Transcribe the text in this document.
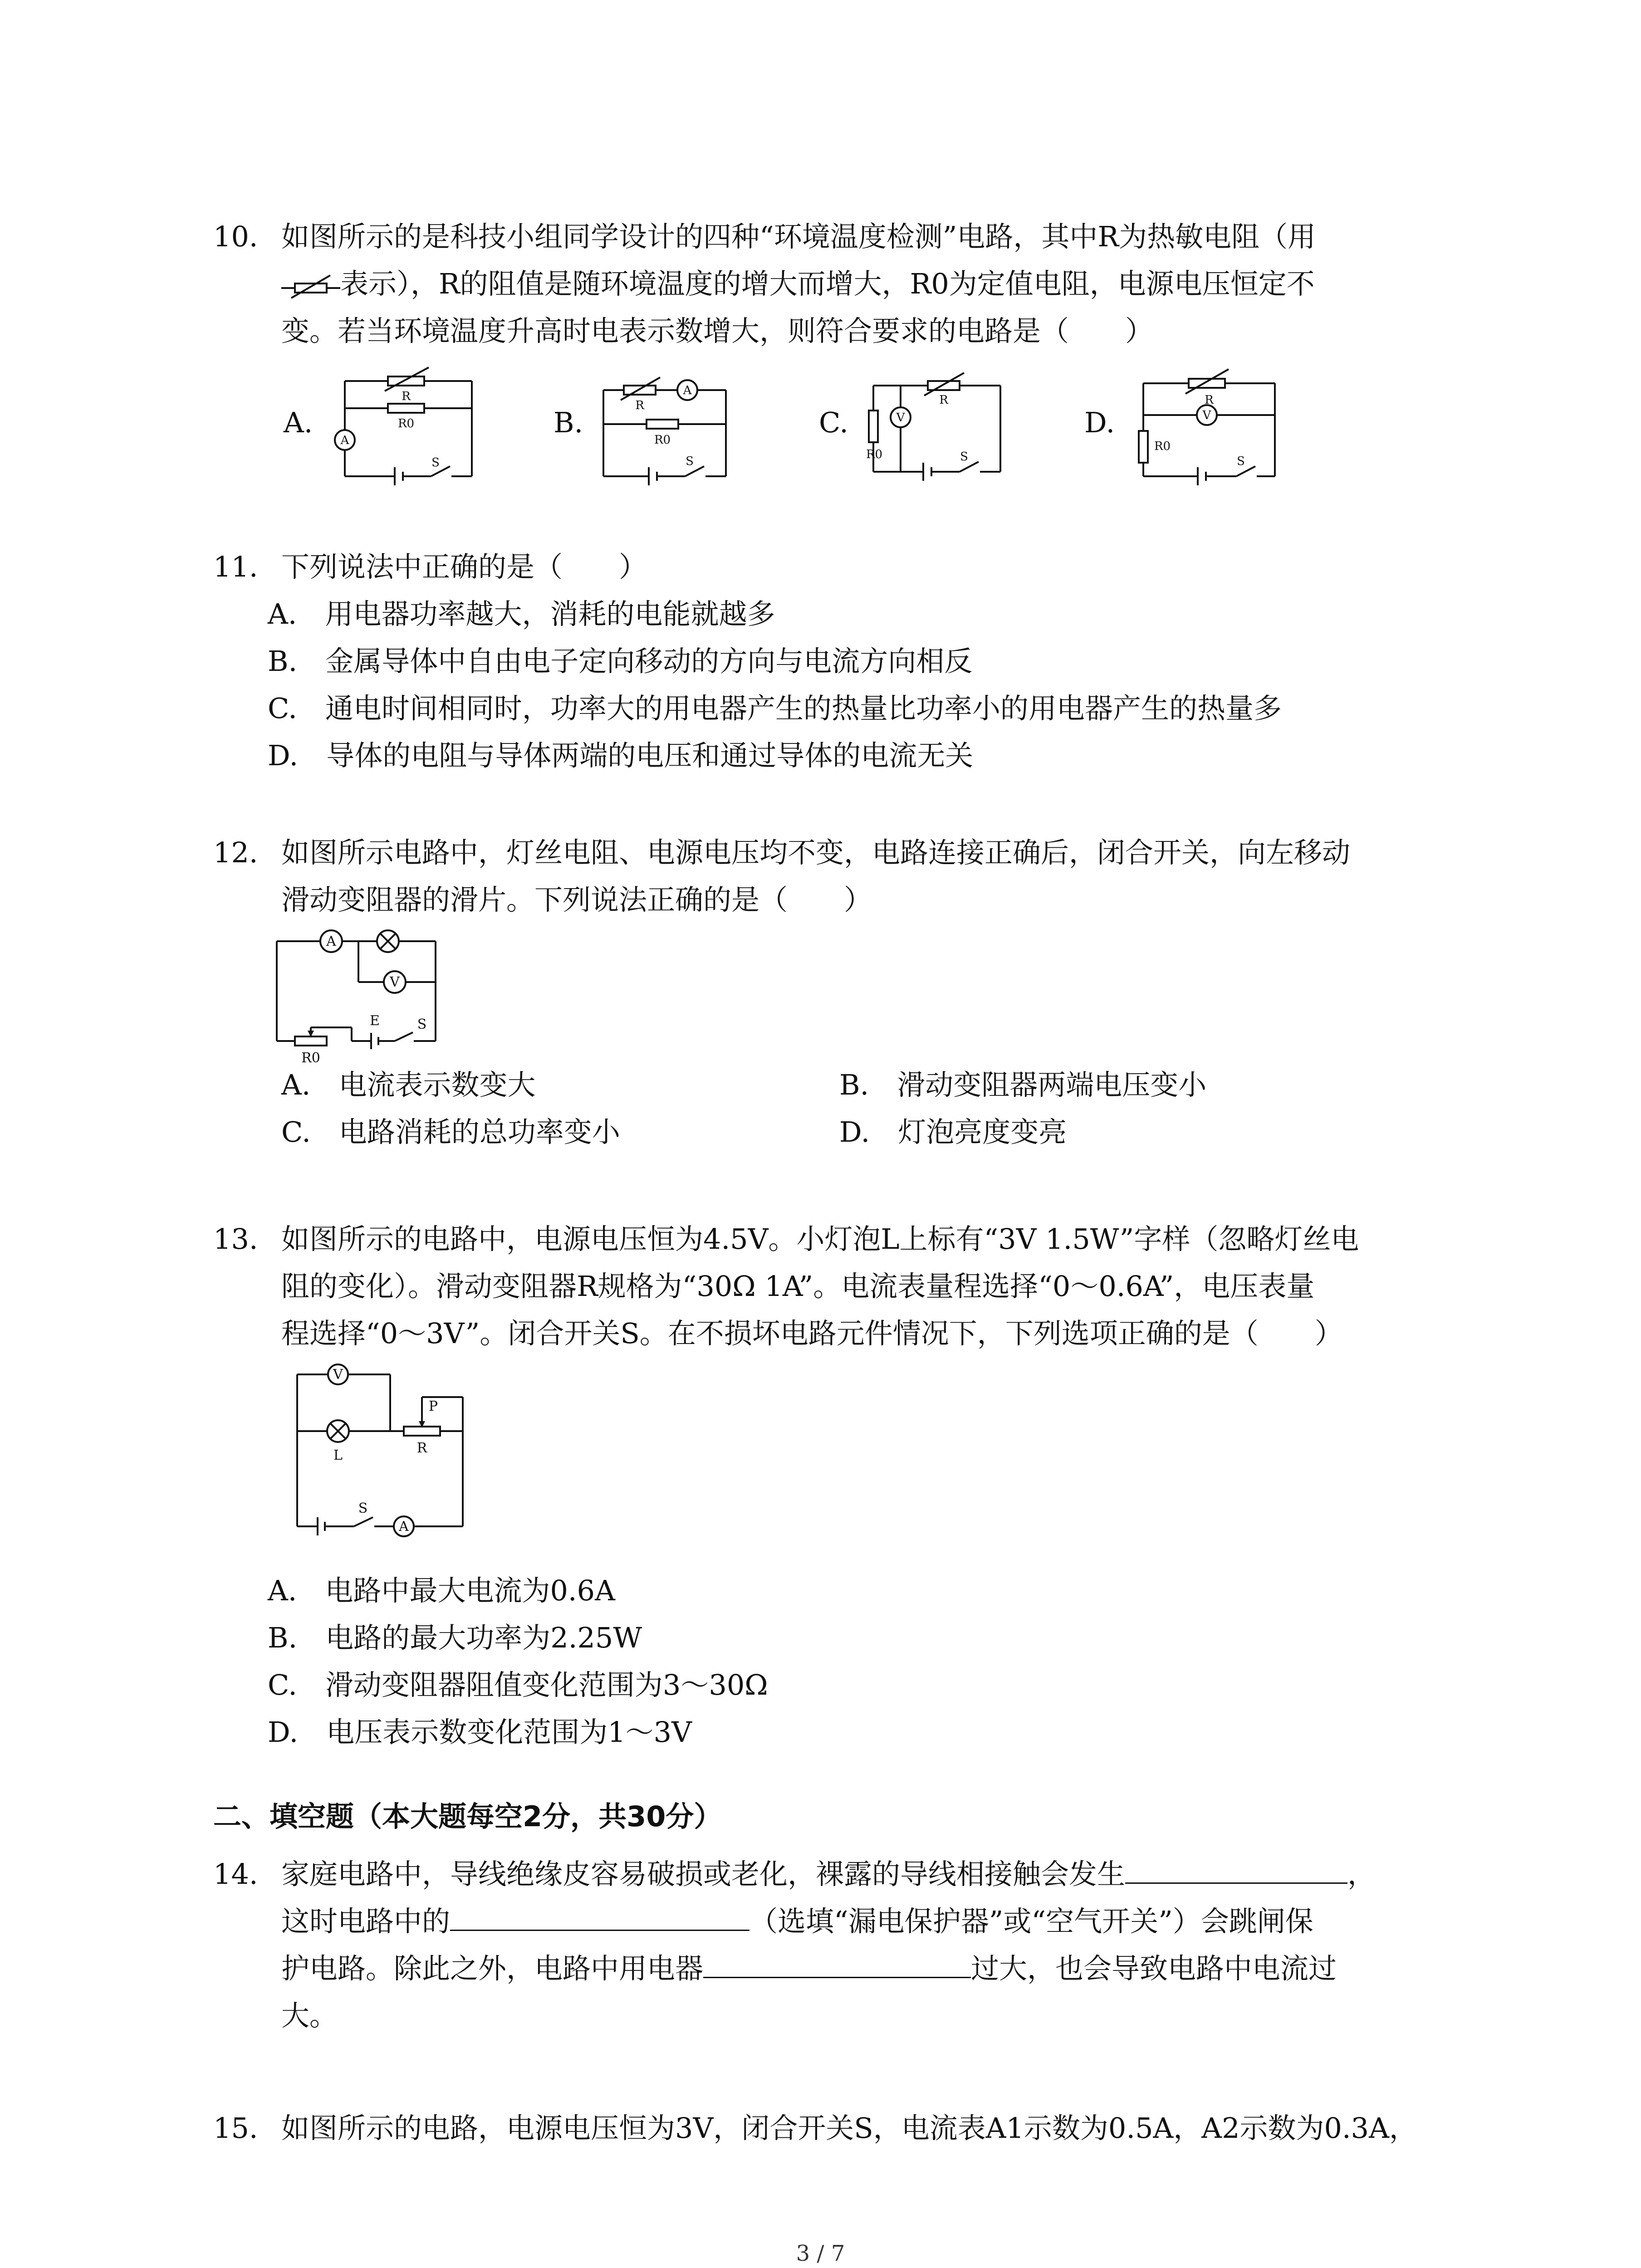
10. 如图所示的是科技小组同学设计的四种“环境温度检测”电路，其中R为热敏电阻（用
表示），R的阻值是随环境温度的增大而增大，R0为定值电阻，电源电压恒定不
变。若当环境温度升高时电表示数增大，则符合要求的电路是（　　）
A.	B.	C.	D.
R
R0
A
S
R
A
R0
S
R
R0
V
S
R
V
R0
S
11. 下列说法中正确的是（　　）
A.　用电器功率越大，消耗的电能就越多
B.　金属导体中自由电子定向移动的方向与电流方向相反
C.　通电时间相同时，功率大的用电器产生的热量比功率小的用电器产生的热量多
D.　导体的电阻与导体两端的电压和通过导体的电流无关
12. 如图所示电路中，灯丝电阻、电源电压均不变，电路连接正确后，闭合开关，向左移动
滑动变阻器的滑片。下列说法正确的是（　　）
A
V
E	S
R0
A.　电流表示数变大	B.　滑动变阻器两端电压变小
C.　电路消耗的总功率变小	D.　灯泡亮度变亮
13. 如图所示的电路中，电源电压恒为4.5V。小灯泡L上标有“3V 1.5W”字样（忽略灯丝电
阻的变化）。滑动变阻器R规格为“30Ω 1A”。电流表量程选择“0～0.6A”，电压表量
程选择“0～3V”。闭合开关S。在不损坏电路元件情况下，下列选项正确的是（　　）
V
P
L	R
S
A
A.　电路中最大电流为0.6A
B.　电路的最大功率为2.25W
C.　滑动变阻器阻值变化范围为3～30Ω
D.　电压表示数变化范围为1～3V
二、填空题（本大题每空2分，共30分）
14. 家庭电路中，导线绝缘皮容易破损或老化，裸露的导线相接触会发生	，
这时电路中的	（选填“漏电保护器”或“空气开关”）会跳闸保
护电路。除此之外，电路中用电器	过大，也会导致电路中电流过
大。
15. 如图所示的电路，电源电压恒为3V，闭合开关S，电流表A1示数为0.5A，A2示数为0.3A，
3 / 7
